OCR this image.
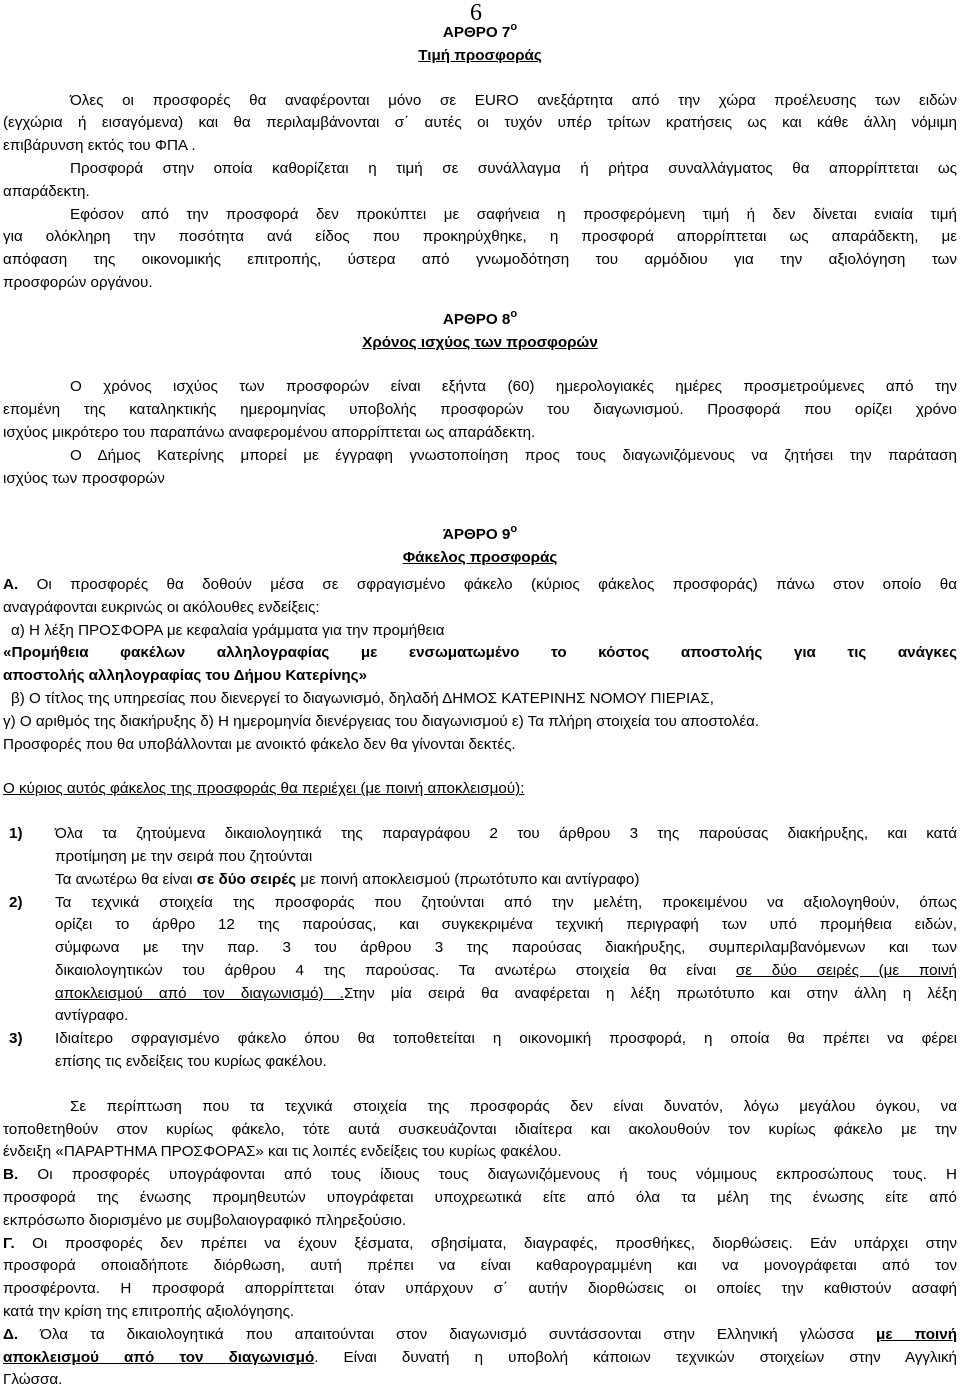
6
ΑΡΘΡΟ $7^o$
Τιμή προσφοράς

Όλες οι προσφορές θα αναφέρονται μόνο σε EURO ανεξάρτητα από την χώρα προέλευσης των ειδών
(εγχώρια ή εισαγόμενα) και θα περιλαμβάνονται σ΄ αυτές οι τυχόν υπέρ τρίτων κρατήσεις ως και κάθε άλλη νόμιμη
επιβάρυνση εκτός του ΦΠΑ .

Προσφορά στην οποία καθορίζεται η τιμή σε συνάλλαγμα ή ρήτρα συναλλάγματος θα απορρίπτεται ως
απαράδεκτη.

Εφόσον από την προσφορά δεν προκύπτει με σαφήνεια η προσφερόμενη τιμή ή δεν δίνεται ενιαία τιμή
για ολόκληρη την ποσότητα ανά είδος που προκηρύχθηκε, η προσφορά απορρίπτεται ως απαράδεκτη, με
απόφαση της οικονομικής επιτροπής, ύστερα από γνωμοδότηση του αρμόδιου για την αξιολόγηση των
προσφορών οργάνου.

ΑΡΘΡΟ $8^o$
Χρόνος ισχύος των προσφορών

Ο χρόνος ισχύος των προσφορών είναι εξήντα (60) ημερολογιακές ημέρες προσμετρούμενες από την
επομένη της καταληκτικής ημερομηνίας υποβολής προσφορών του διαγωνισμού. Προσφορά που ορίζει χρόνο
ισχύος μικρότερο του παραπάνω αναφερομένου απορρίπτεται ως απαράδεκτη.

Ο Δήμος Κατερίνης μπορεί με έγγραφη γνωστοποίηση προς τους διαγωνιζόμενους να ζητήσει την παράταση
ισχύος των προσφορών

ΆΡΘΡΟ $9^o$
Φάκελος προσφοράς

Α. Οι προσφορές θα δοθούν μέσα σε σφραγισμένο φάκελο (κύριος φάκελος προσφοράς) πάνω στον οποίο θα
αναγράφονται ευκρινώς οι ακόλουθες ενδείξεις:
α) Η λέξη ΠΡΟΣΦΟΡΑ με κεφαλαία γράμματα για την προμήθεια
«Προμήθεια φακέλων αλληλογραφίας με ενσωματωμένο το κόστος αποστολής για τις ανάγκες
αποστολής αλληλογραφίας του Δήμου Κατερίνης»
β) Ο τίτλος της υπηρεσίας που διενεργεί το διαγωνισμό, δηλαδή ΔΗΜΟΣ ΚΑΤΕΡΙΝΗΣ ΝΟΜΟΥ ΠΙΕΡΙΑΣ,
γ) Ο αριθμός της διακήρυξης δ) Η ημερομηνία διενέργειας του διαγωνισμού ε) Τα πλήρη στοιχεία του αποστολέα.
Προσφορές που θα υποβάλλονται με ανοικτό φάκελο δεν θα γίνονται δεκτές.

Ο κύριος αυτός φάκελος της προσφοράς θα περιέχει (με ποινή αποκλεισμού):

1)	Όλα τα ζητούμενα δικαιολογητικά της παραγράφου 2 του άρθρου 3 της παρούσας διακήρυξης, και κατά
προτίμηση με την σειρά που ζητούνται
Τα ανωτέρω θα είναι σε δύο σειρές με ποινή αποκλεισμού (πρωτότυπο και αντίγραφο)
2)	Τα τεχνικά στοιχεία της προσφοράς που ζητούνται από την μελέτη, προκειμένου να αξιολογηθούν, όπως
ορίζει το άρθρο 12 της παρούσας, και συγκεκριμένα τεχνική περιγραφή των υπό προμήθεια ειδών,
σύμφωνα με την παρ. 3 του άρθρου 3 της παρούσας διακήρυξης, συμπεριλαμβανόμενων και των
δικαιολογητικών του άρθρου 4 της παρούσας. Τα ανωτέρω στοιχεία θα είναι σε δύο σειρές (με ποινή
αποκλεισμού από τον διαγωνισμό) .Στην μία σειρά θα αναφέρεται η λέξη πρωτότυπο και στην άλλη η λέξη
αντίγραφο.
3)	Ιδιαίτερο σφραγισμένο φάκελο όπου θα τοποθετείται η οικονομική προσφορά, η οποία θα πρέπει να φέρει
επίσης τις ενδείξεις του κυρίως φακέλου.

Σε περίπτωση που τα τεχνικά στοιχεία της προσφοράς δεν είναι δυνατόν, λόγω μεγάλου όγκου, να
τοποθετηθούν στον κυρίως φάκελο, τότε αυτά συσκευάζονται ιδιαίτερα και ακολουθούν τον κυρίως φάκελο με την
ένδειξη «ΠΑΡΑΡΤΗΜΑ ΠΡΟΣΦΟΡΑΣ» και τις λοιπές ενδείξεις του κυρίως φακέλου.

Β. Οι προσφορές υπογράφονται από τους ίδιους τους διαγωνιζόμενους ή τους νόμιμους εκπροσώπους τους. Η
προσφορά της ένωσης προμηθευτών υπογράφεται υποχρεωτικά είτε από όλα τα μέλη της ένωσης είτε από
εκπρόσωπο διορισμένο με συμβολαιογραφικό πληρεξούσιο.

Γ. Οι προσφορές δεν πρέπει να έχουν ξέσματα, σβησίματα, διαγραφές, προσθήκες, διορθώσεις. Εάν υπάρχει στην
προσφορά οποιαδήποτε διόρθωση, αυτή πρέπει να είναι καθαρογραμμένη και να μονογράφεται από τον
προσφέροντα. Η προσφορά απορρίπτεται όταν υπάρχουν σ΄ αυτήν διορθώσεις οι οποίες την καθιστούν ασαφή
κατά την κρίση της επιτροπής αξιολόγησης.

Δ. Όλα τα δικαιολογητικά που απαιτούνται στον διαγωνισμό συντάσσονται στην Ελληνική γλώσσα με ποινή
αποκλεισμού από τον διαγωνισμό. Είναι δυνατή η υποβολή κάποιων τεχνικών στοιχείων στην Αγγλική
Γλώσσα.
